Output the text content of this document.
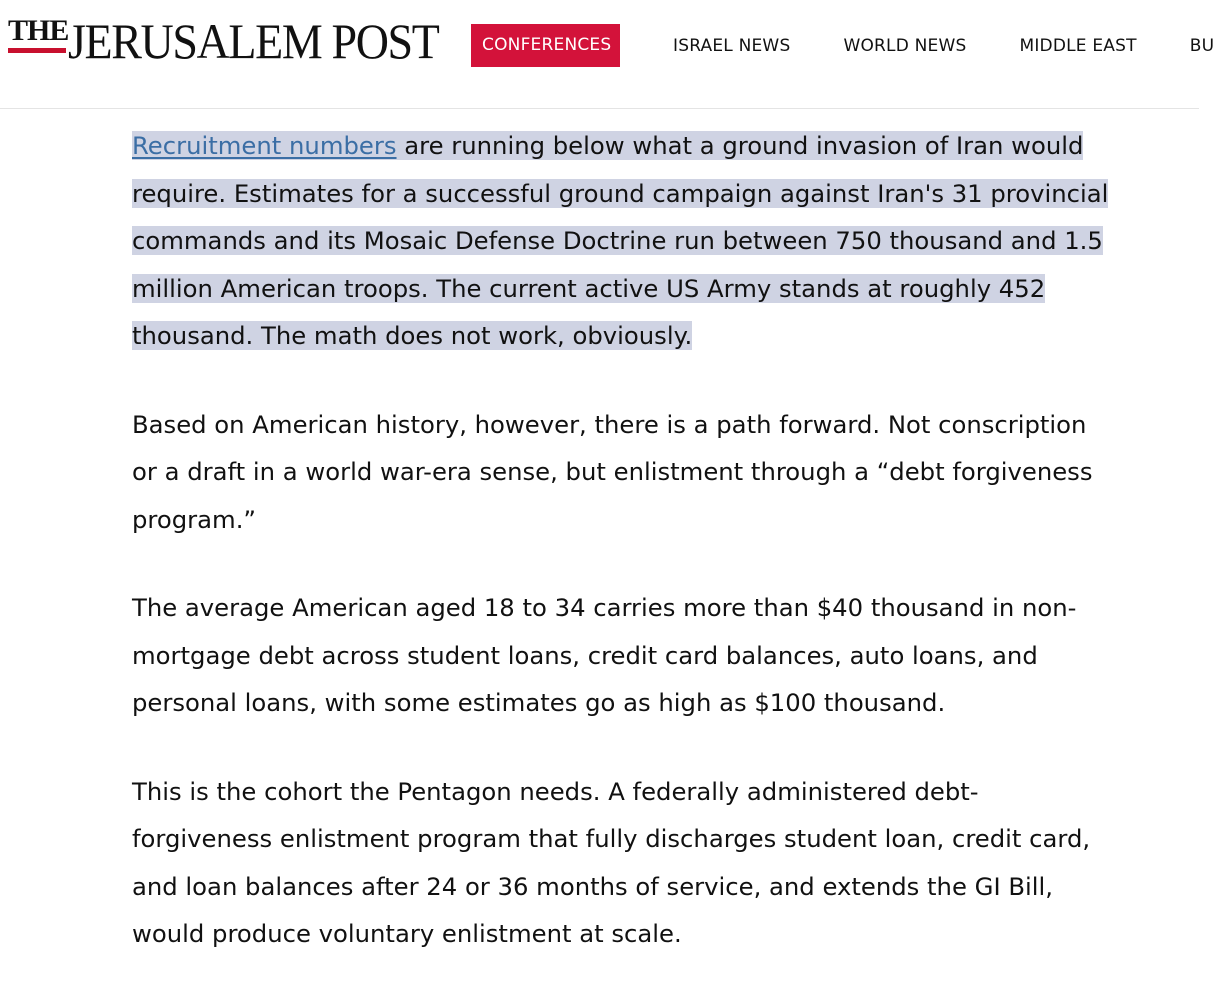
THE JERUSALEM POST	CONFERENCES	ISRAEL NEWS	WORLD NEWS	MIDDLE EAST	BU

Recruitment numbers are running below what a ground invasion of Iran would require. Estimates for a successful ground campaign against Iran's 31 provincial commands and its Mosaic Defense Doctrine run between 750 thousand and 1.5 million American troops. The current active US Army stands at roughly 452 thousand. The math does not work, obviously.

Based on American history, however, there is a path forward. Not conscription or a draft in a world war-era sense, but enlistment through a “debt forgiveness program.”

The average American aged 18 to 34 carries more than $40 thousand in non-mortgage debt across student loans, credit card balances, auto loans, and personal loans, with some estimates go as high as $100 thousand.

This is the cohort the Pentagon needs. A federally administered debt-forgiveness enlistment program that fully discharges student loan, credit card, and loan balances after 24 or 36 months of service, and extends the GI Bill, would produce voluntary enlistment at scale.
